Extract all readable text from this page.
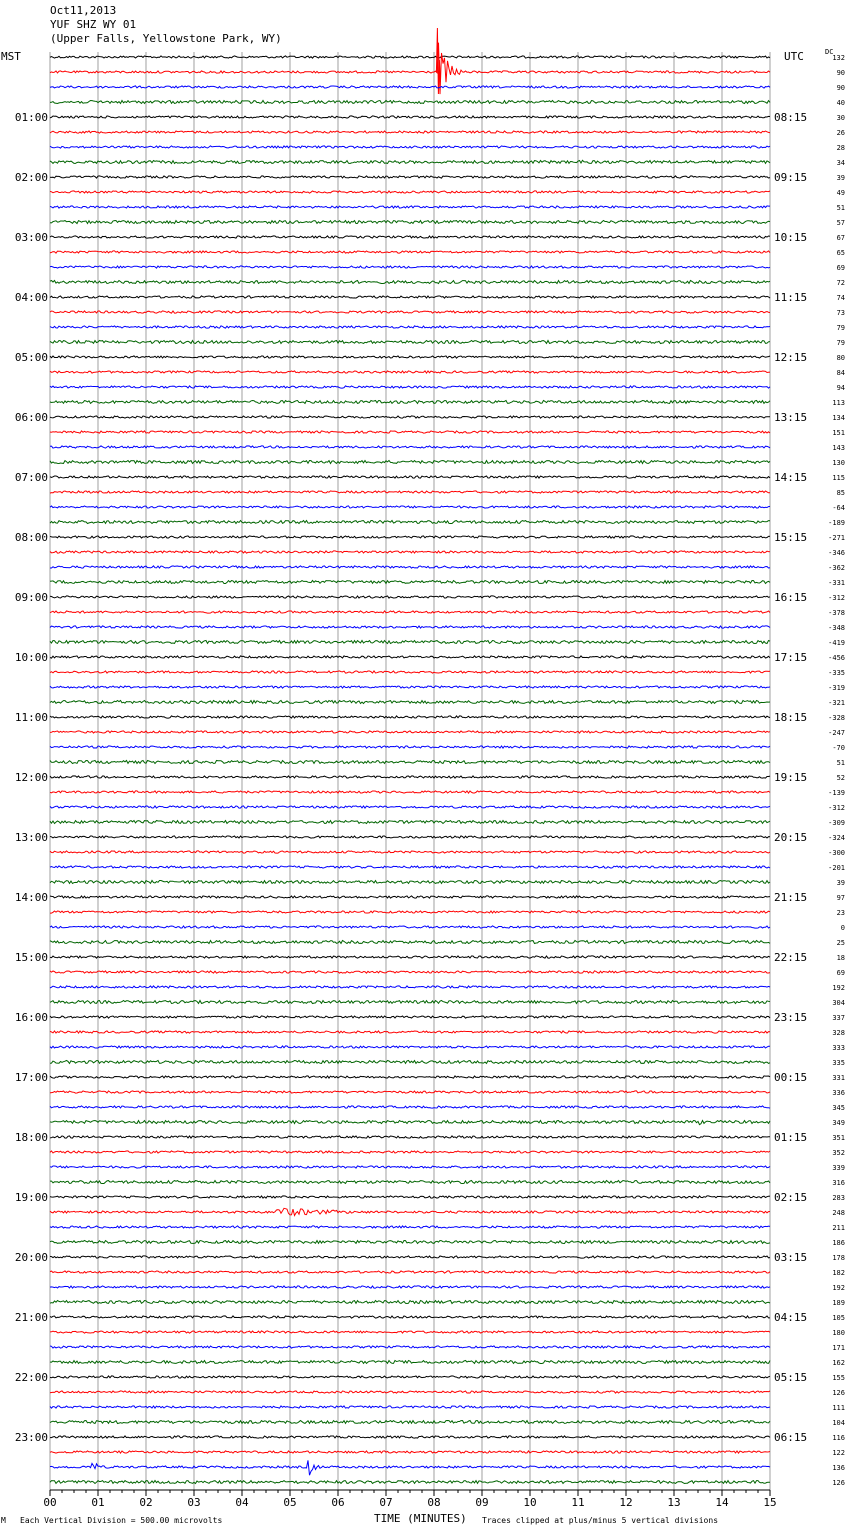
Oct11,2013
YUF SHZ WY 01
(Upper Falls, Yellowstone Park, WY)
MST	UTC	DC
00	01	02	03	04	05	06	07	08	09	10	11	12	13	14	15
132
90
90
40
30
01:00	08:15
26
28
34
39
02:00	09:15
49
51
57
67
03:00	10:15
65
69
72
74
04:00	11:15
73
79
79
80
05:00	12:15
84
94
113
134
06:00	13:15
151
143
130
115
07:00	14:15
85
-64
-189
-271
08:00	15:15
-346
-362
-331
-312
09:00	16:15
-378
-348
-419
-456
10:00	17:15
-335
-319
-321
-328
11:00	18:15
-247
-70
51
52
12:00	19:15
-139
-312
-309
-324
13:00	20:15
-300
-201
39
97
14:00	21:15
23
0
25
18
15:00	22:15
69
192
304
337
16:00	23:15
328
333
335
331
17:00	00:15
336
345
349
351
18:00	01:15
352
339
316
283
19:00	02:15
248
211
186
178
20:00	03:15
182
192
189
105
21:00	04:15
180
171
162
155
22:00	05:15
126
111
104
116
23:00	06:15
122
136
126
M Each Vertical Division = 500.00 microvolts	TIME (MINUTES) Traces clipped at plus/minus 5 vertical divisions
